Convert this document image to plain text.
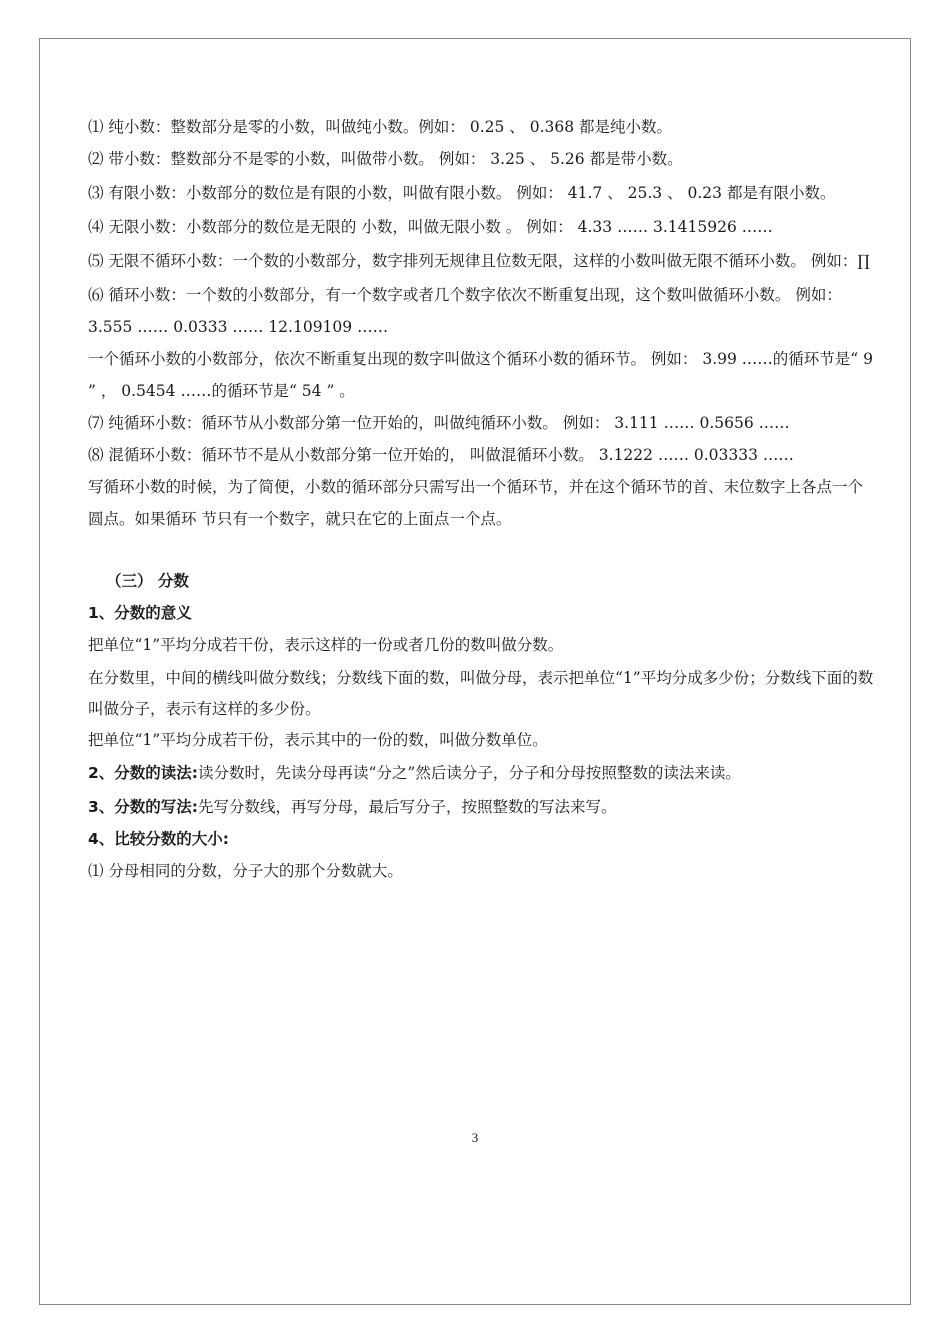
⑴ 纯小数：整数部分是零的小数，叫做纯小数。例如： 0.25 、 0.368 都是纯小数。

⑵ 带小数：整数部分不是零的小数，叫做带小数。 例如： 3.25 、 5.26 都是带小数。

⑶ 有限小数：小数部分的数位是有限的小数，叫做有限小数。 例如： 41.7 、 25.3 、 0.23 都是有限小数。

⑷ 无限小数：小数部分的数位是无限的 小数，叫做无限小数 。 例如： 4.33 …… 3.1415926 ……

⑸ 无限不循环小数：一个数的小数部分，数字排列无规律且位数无限，这样的小数叫做无限不循环小数。 例如：∏

⑹ 循环小数：一个数的小数部分，有一个数字或者几个数字依次不断重复出现，这个数叫做循环小数。 例如： 3.555 …… 0.0333 …… 12.109109 ……

一个循环小数的小数部分，依次不断重复出现的数字叫做这个循环小数的循环节。 例如： 3.99 ……的循环节是“ 9 ” ， 0.5454 ……的循环节是“ 54 ” 。

⑺ 纯循环小数：循环节从小数部分第一位开始的，叫做纯循环小数。 例如： 3.111 …… 0.5656 ……

⑻ 混循环小数：循环节不是从小数部分第一位开始的， 叫做混循环小数。 3.1222 …… 0.03333 ……

写循环小数的时候，为了简便，小数的循环部分只需写出一个循环节，并在这个循环节的首、末位数字上各点一个圆点。如果循环 节只有一个数字，就只在它的上面点一个点。

（三） 分数

1、分数的意义

把单位“1”平均分成若干份，表示这样的一份或者几份的数叫做分数。

在分数里，中间的横线叫做分数线；分数线下面的数，叫做分母，表示把单位“1”平均分成多少份；分数线下面的数叫做分子，表示有这样的多少份。

把单位“1”平均分成若干份，表示其中的一份的数，叫做分数单位。

2、分数的读法:读分数时，先读分母再读“分之”然后读分子，分子和分母按照整数的读法来读。

3、分数的写法:先写分数线，再写分母，最后写分子，按照整数的写法来写。

4、比较分数的大小:

⑴ 分母相同的分数，分子大的那个分数就大。

3
